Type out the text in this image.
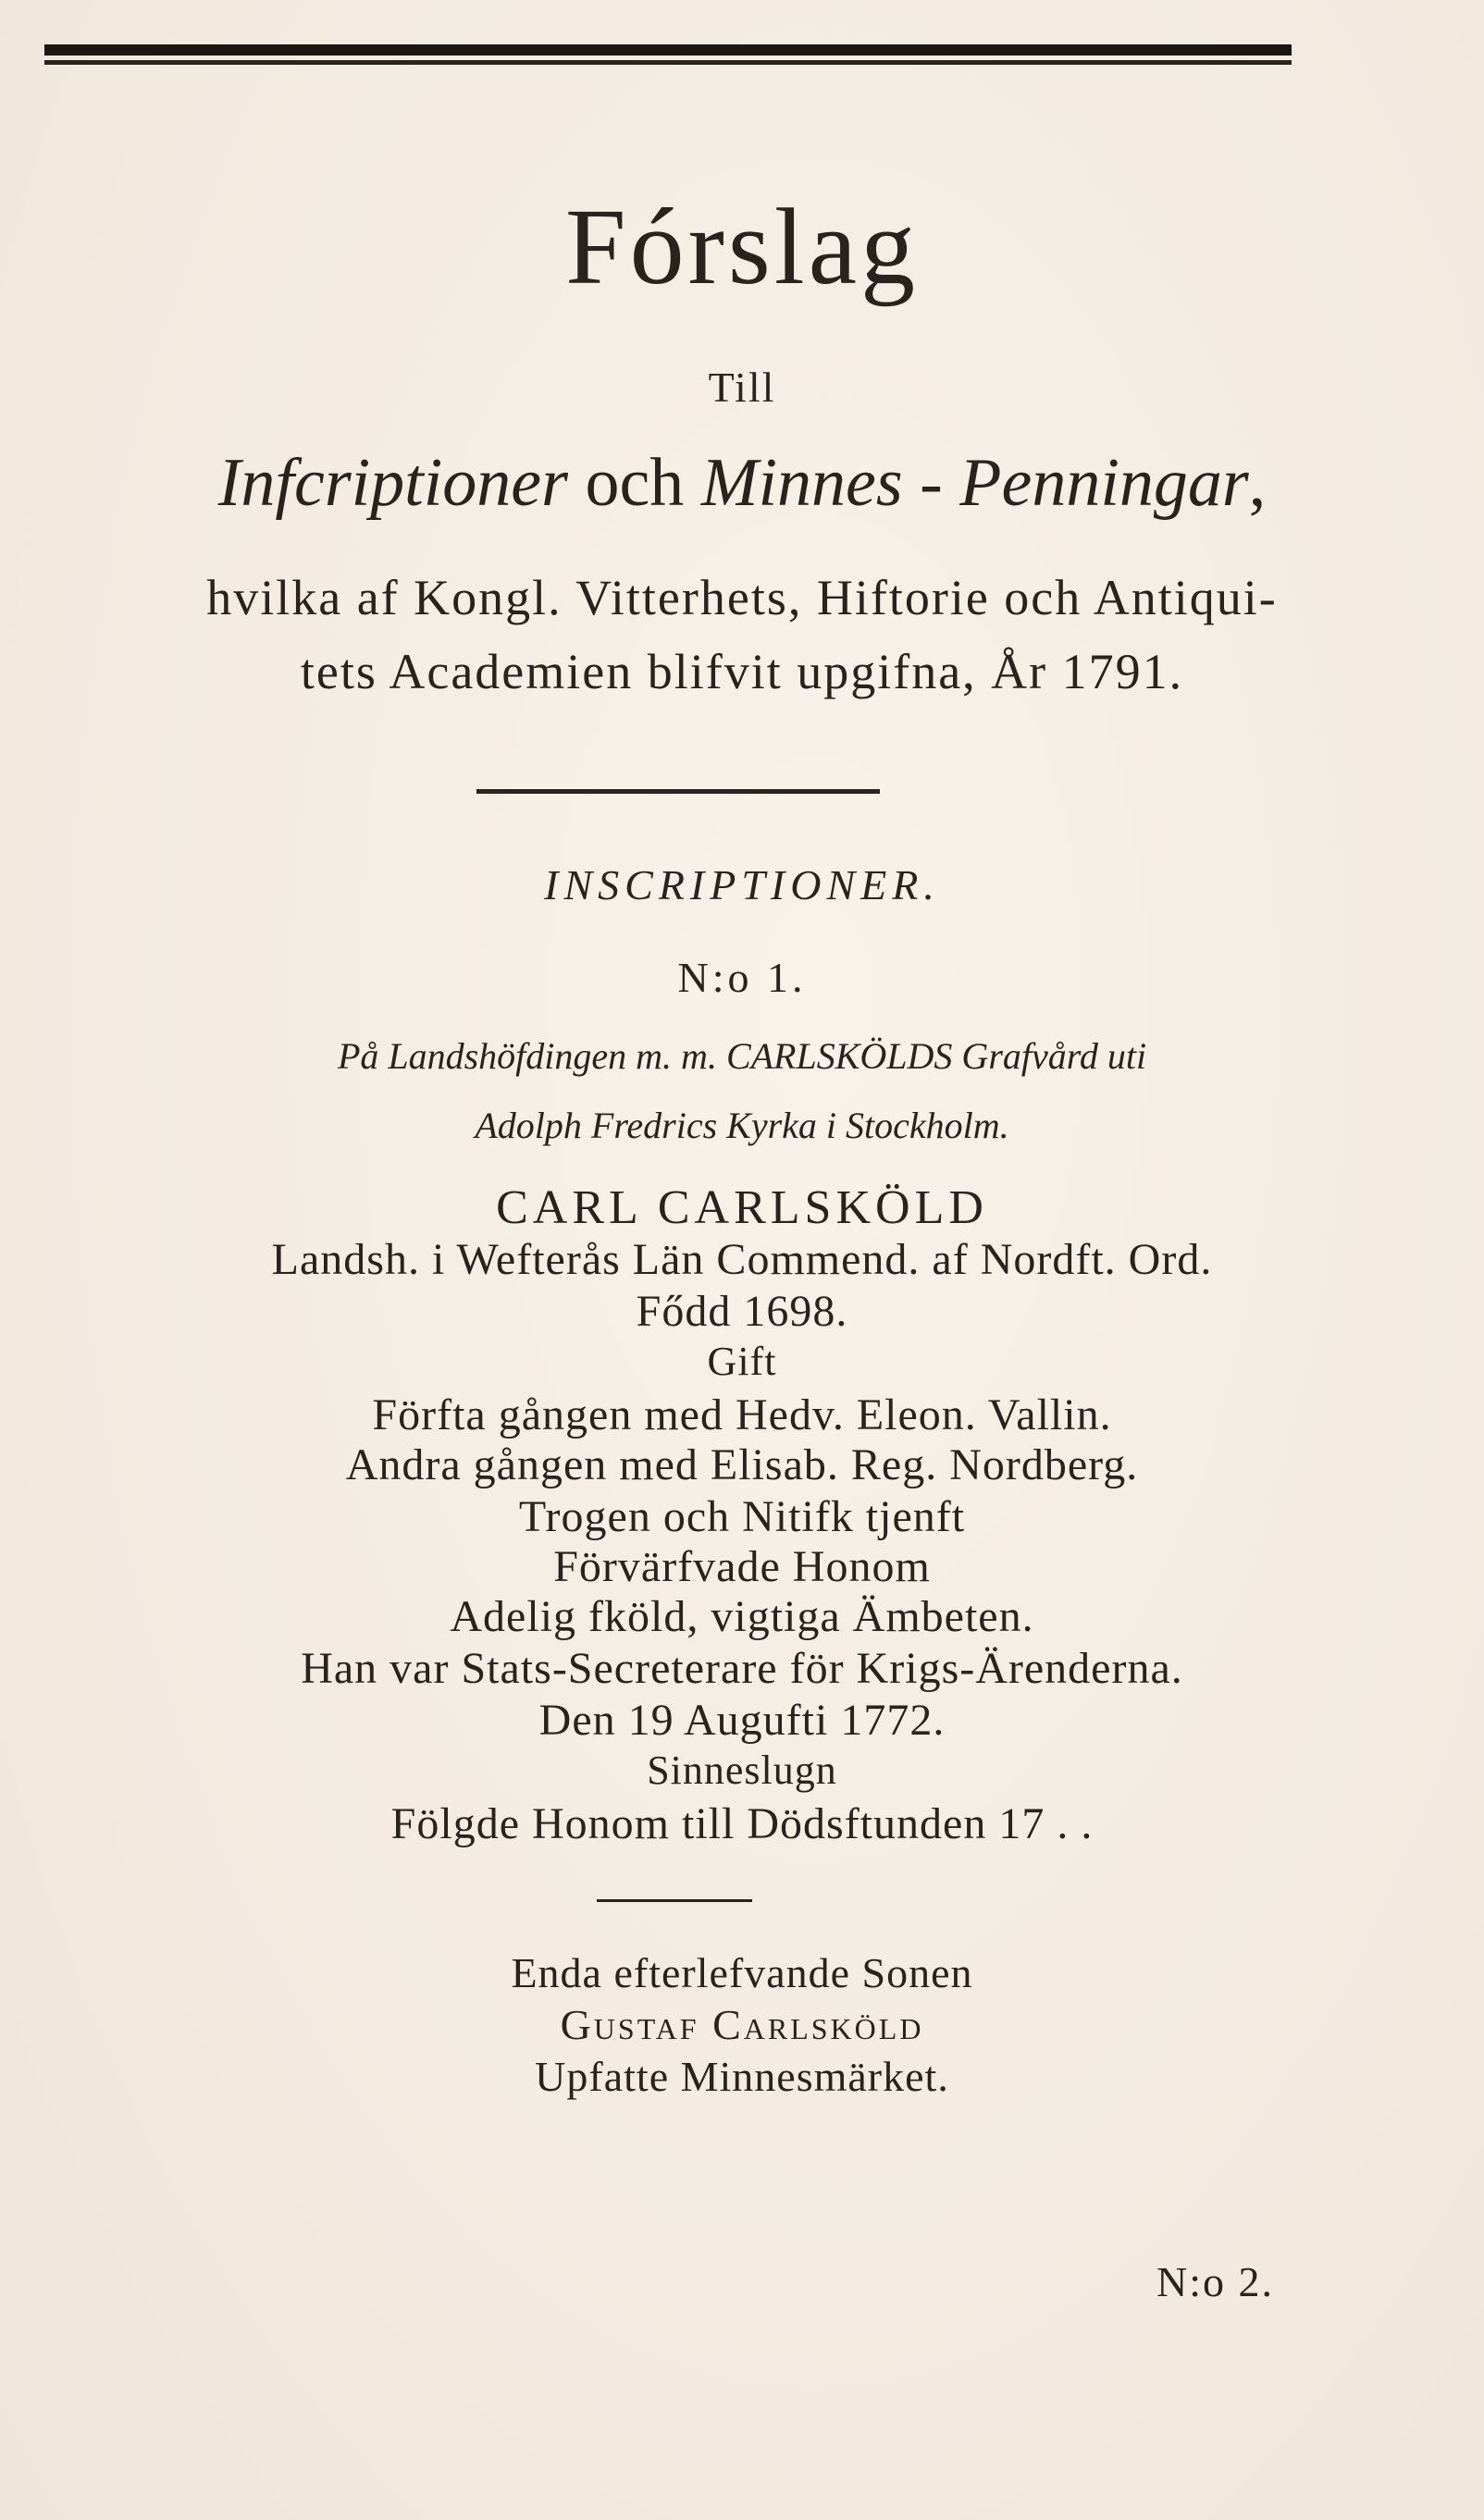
Fórslag
Till
Infcriptioner och Minnes - Penningar,
hvilka af Kongl. Vitterhets, Hiftorie och Antiqui-
tets Academien blifvit upgifna, År 1791.
INSCRIPTIONER.
N:o 1.
På Landshöfdingen m. m. CARLSKÖLDS Grafvård uti
Adolph Fredrics Kyrka i Stockholm.
CARL CARLSKÖLD
Landsh. i Wefterås Län Commend. af Nordft. Ord.
Fődd 1698.
Gift
Förfta gången med Hedv. Eleon. Vallin.
Andra gången med Elisab. Reg. Nordberg.
Trogen och Nitifk tjenft
Förvärfvade Honom
Adelig fköld, vigtiga Ämbeten.
Han var Stats-Secreterare för Krigs-Ärenderna.
Den 19 Augufti 1772.
Sinneslugn
Fölgde Honom till Dödsftunden 17 . .
Enda efterlefvande Sonen
Gustaf Carlsköld
Upfatte Minnesmärket.
N:o 2.
